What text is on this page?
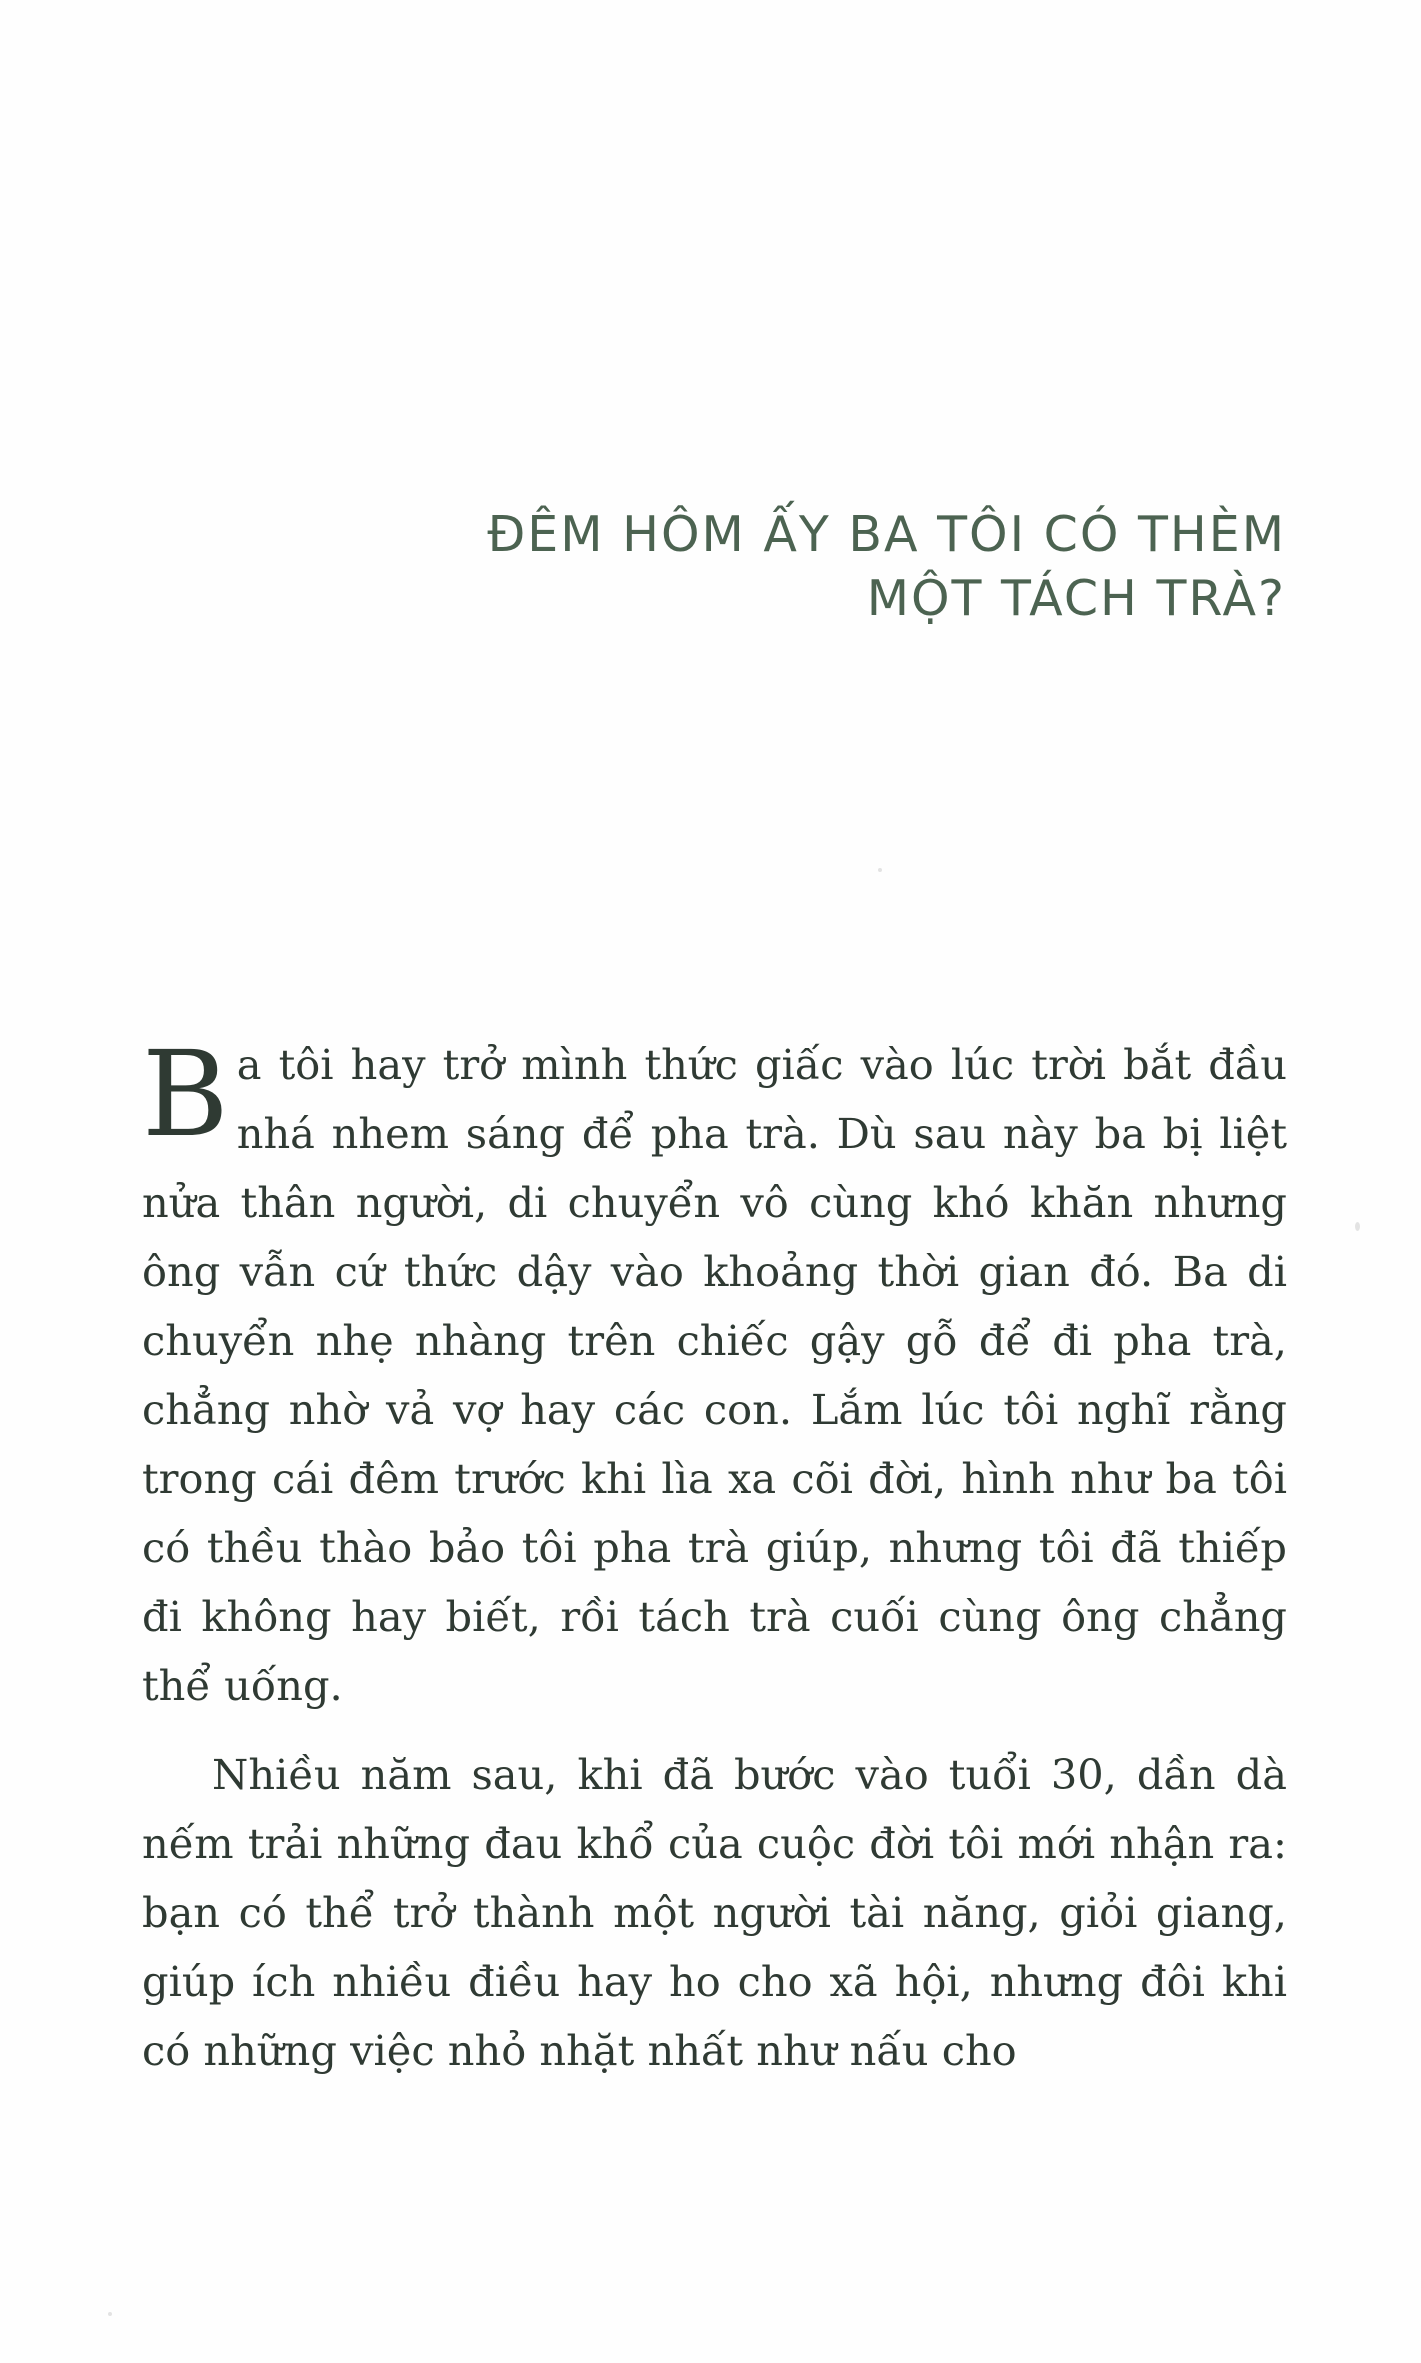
ĐÊM HÔM ẤY BA TÔI CÓ THÈM
MỘT TÁCH TRÀ?

Ba tôi hay trở mình thức giấc vào lúc trời bắt đầu nhá nhem sáng để pha trà. Dù sau này ba bị liệt nửa thân người, di chuyển vô cùng khó khăn nhưng ông vẫn cứ thức dậy vào khoảng thời gian đó. Ba di chuyển nhẹ nhàng trên chiếc gậy gỗ để đi pha trà, chẳng nhờ vả vợ hay các con. Lắm lúc tôi nghĩ rằng trong cái đêm trước khi lìa xa cõi đời, hình như ba tôi có thều thào bảo tôi pha trà giúp, nhưng tôi đã thiếp đi không hay biết, rồi tách trà cuối cùng ông chẳng thể uống.

Nhiều năm sau, khi đã bước vào tuổi 30, dần dà nếm trải những đau khổ của cuộc đời tôi mới nhận ra: bạn có thể trở thành một người tài năng, giỏi giang, giúp ích nhiều điều hay ho cho xã hội, nhưng đôi khi có những việc nhỏ nhặt nhất như nấu cho
